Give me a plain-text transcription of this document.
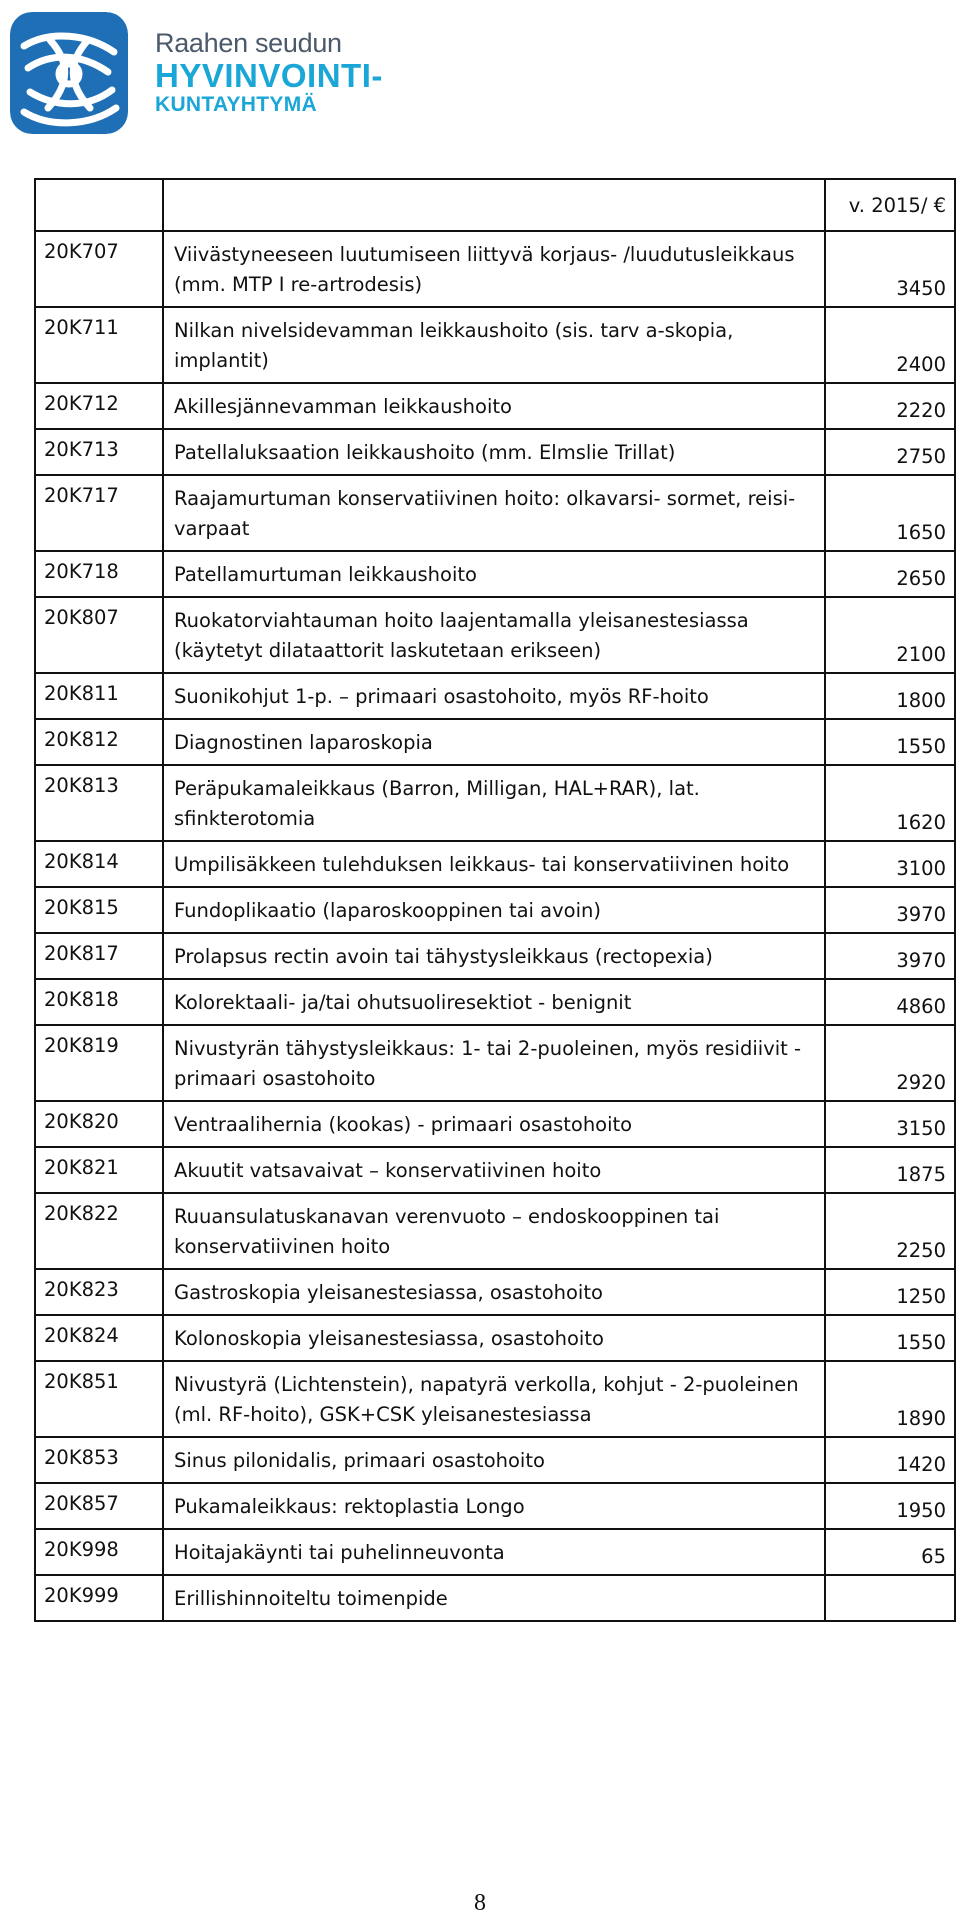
Raahen seudun
HYVINVOINTI-
KUNTAYHTYMÄ
		v. 2015/ €
20K707	Viivästyneeseen luutumiseen liittyvä korjaus- /luudutusleikkaus (mm. MTP I re-artrodesis)	3450
20K711	Nilkan nivelsidevamman leikkaushoito (sis. tarv a-skopia, implantit)	2400
20K712	Akillesjännevamman leikkaushoito	2220
20K713	Patellaluksaation leikkaushoito (mm. Elmslie Trillat)	2750
20K717	Raajamurtuman konservatiivinen hoito: olkavarsi- sormet, reisi-varpaat	1650
20K718	Patellamurtuman leikkaushoito	2650
20K807	Ruokatorviahtauman hoito laajentamalla yleisanestesiassa (käytetyt dilataattorit laskutetaan erikseen)	2100
20K811	Suonikohjut 1-p. – primaari osastohoito, myös RF-hoito	1800
20K812	Diagnostinen laparoskopia	1550
20K813	Peräpukamaleikkaus (Barron, Milligan, HAL+RAR), lat. sfinkterotomia	1620
20K814	Umpilisäkkeen tulehduksen leikkaus- tai konservatiivinen hoito	3100
20K815	Fundoplikaatio (laparoskooppinen tai avoin)	3970
20K817	Prolapsus rectin avoin tai tähystysleikkaus (rectopexia)	3970
20K818	Kolorektaali- ja/tai ohutsuoliresektiot - benignit	4860
20K819	Nivustyrän tähystysleikkaus: 1- tai 2-puoleinen, myös residiivit - primaari osastohoito	2920
20K820	Ventraalihernia (kookas) - primaari osastohoito	3150
20K821	Akuutit vatsavaivat – konservatiivinen hoito	1875
20K822	Ruuansulatuskanavan verenvuoto – endoskooppinen tai konservatiivinen hoito	2250
20K823	Gastroskopia yleisanestesiassa, osastohoito	1250
20K824	Kolonoskopia yleisanestesiassa, osastohoito	1550
20K851	Nivustyrä (Lichtenstein), napatyrä verkolla, kohjut - 2-puoleinen (ml. RF-hoito), GSK+CSK yleisanestesiassa	1890
20K853	Sinus pilonidalis, primaari osastohoito	1420
20K857	Pukamaleikkaus: rektoplastia Longo	1950
20K998	Hoitajakäynti tai puhelinneuvonta	65
20K999	Erillishinnoiteltu toimenpide	

8
